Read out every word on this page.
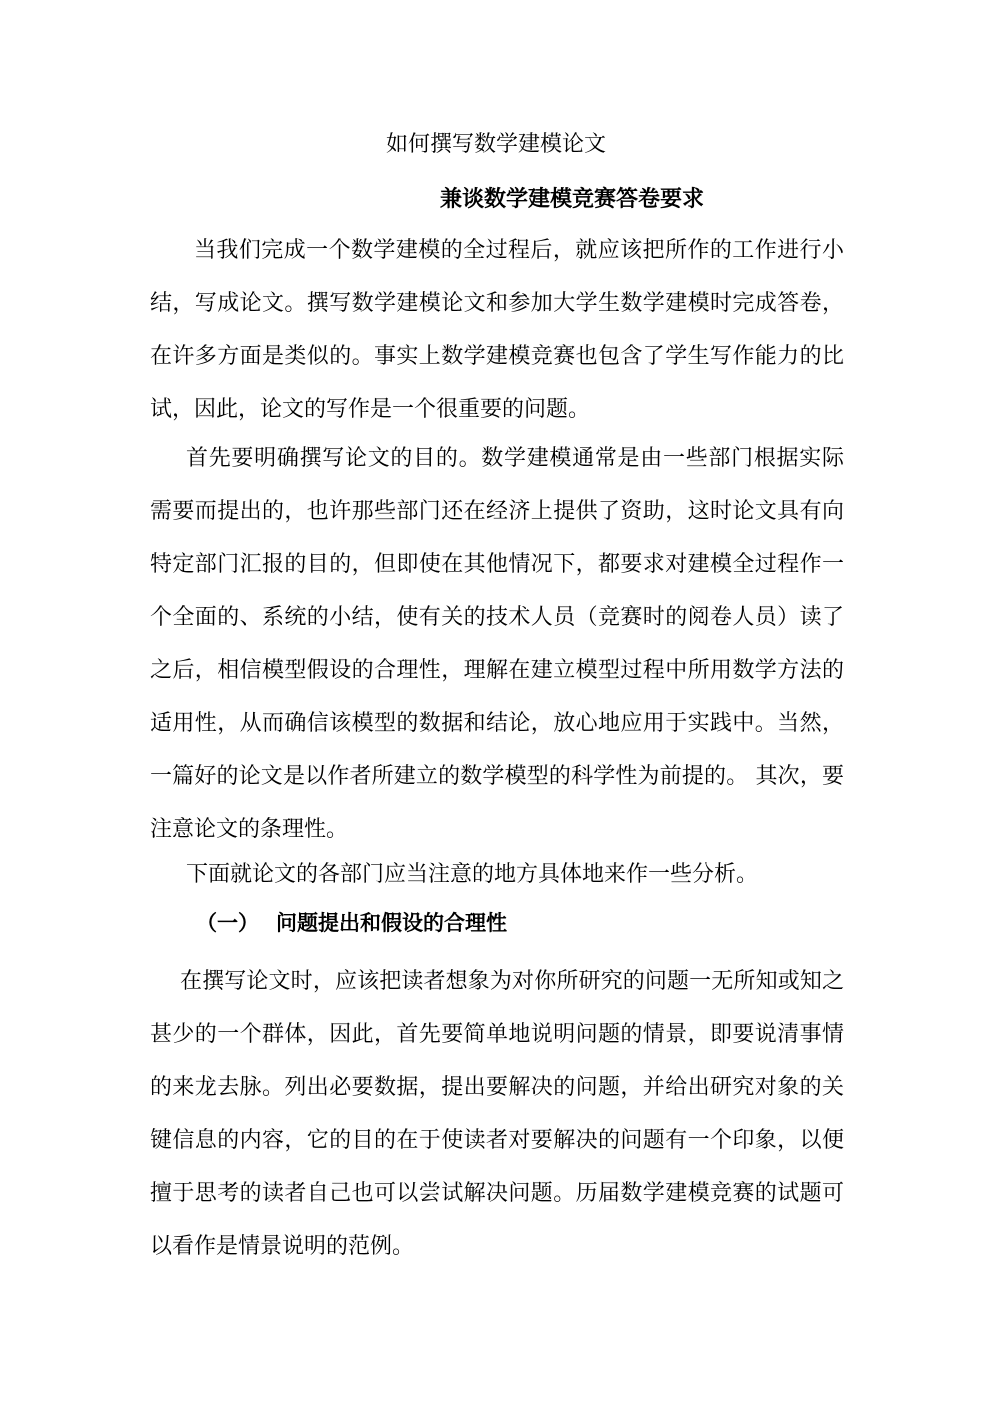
如何撰写数学建模论文
兼谈数学建模竞赛答卷要求

当我们完成一个数学建模的全过程后，就应该把所作的工作进行小结，写成论文。撰写数学建模论文和参加大学生数学建模时完成答卷，在许多方面是类似的。事实上数学建模竞赛也包含了学生写作能力的比试，因此，论文的写作是一个很重要的问题。

首先要明确撰写论文的目的。数学建模通常是由一些部门根据实际需要而提出的，也许那些部门还在经济上提供了资助，这时论文具有向特定部门汇报的目的，但即使在其他情况下，都要求对建模全过程作一个全面的、系统的小结，使有关的技术人员（竞赛时的阅卷人员）读了之后，相信模型假设的合理性，理解在建立模型过程中所用数学方法的适用性，从而确信该模型的数据和结论，放心地应用于实践中。当然，一篇好的论文是以作者所建立的数学模型的科学性为前提的。 其次，要注意论文的条理性。

下面就论文的各部门应当注意的地方具体地来作一些分析。

（一） 问题提出和假设的合理性

在撰写论文时，应该把读者想象为对你所研究的问题一无所知或知之甚少的一个群体，因此，首先要简单地说明问题的情景，即要说清事情的来龙去脉。列出必要数据，提出要解决的问题，并给出研究对象的关键信息的内容，它的目的在于使读者对要解决的问题有一个印象，以便擅于思考的读者自己也可以尝试解决问题。历届数学建模竞赛的试题可以看作是情景说明的范例。
